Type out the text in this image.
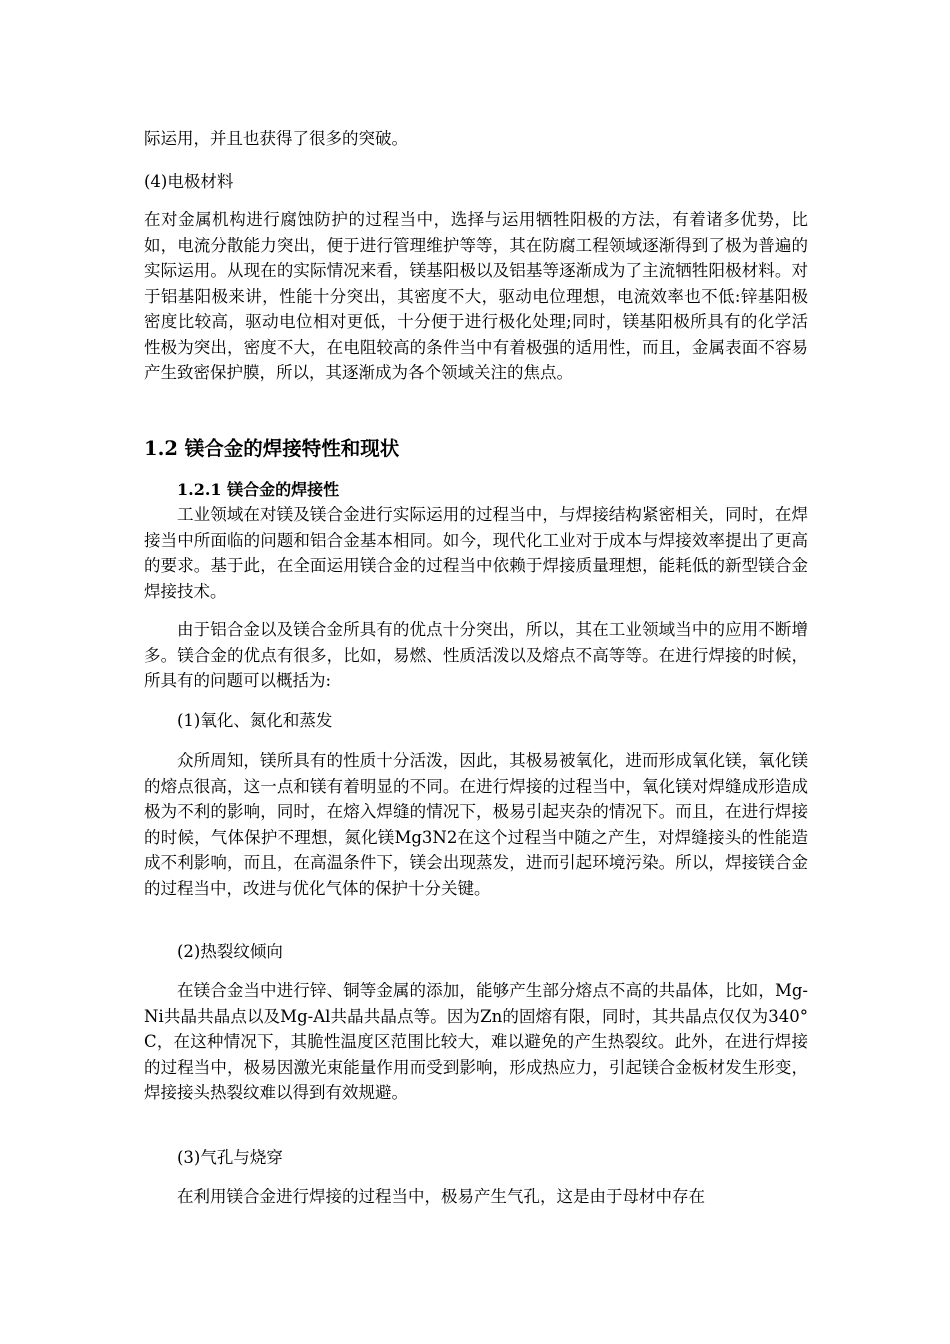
际运用，并且也获得了很多的突破。

(4)电极材料

在对金属机构进行腐蚀防护的过程当中，选择与运用牺牲阳极的方法，有着诸多优势，比如，电流分散能力突出，便于进行管理维护等等，其在防腐工程领域逐渐得到了极为普遍的实际运用。从现在的实际情况来看，镁基阳极以及铝基等逐渐成为了主流牺牲阳极材料。对于铝基阳极来讲，性能十分突出，其密度不大，驱动电位理想，电流效率也不低:锌基阳极密度比较高，驱动电位相对更低，十分便于进行极化处理;同时，镁基阳极所具有的化学活性极为突出，密度不大，在电阻较高的条件当中有着极强的适用性，而且，金属表面不容易产生致密保护膜，所以，其逐渐成为各个领域关注的焦点。

1.2 镁合金的焊接特性和现状
1.2.1 镁合金的焊接性

工业领域在对镁及镁合金进行实际运用的过程当中，与焊接结构紧密相关，同时，在焊接当中所面临的问题和铝合金基本相同。如今，现代化工业对于成本与焊接效率提出了更高的要求。基于此，在全面运用镁合金的过程当中依赖于焊接质量理想，能耗低的新型镁合金焊接技术。

由于铝合金以及镁合金所具有的优点十分突出，所以，其在工业领域当中的应用不断增多。镁合金的优点有很多，比如，易燃、性质活泼以及熔点不高等等。在进行焊接的时候，所具有的问题可以概括为:

(1)氧化、氮化和蒸发

众所周知，镁所具有的性质十分活泼，因此，其极易被氧化，进而形成氧化镁，氧化镁的熔点很高，这一点和镁有着明显的不同。在进行焊接的过程当中，氧化镁对焊缝成形造成极为不利的影响，同时，在熔入焊缝的情况下，极易引起夹杂的情况下。而且，在进行焊接的时候，气体保护不理想，氮化镁Mg3N2在这个过程当中随之产生，对焊缝接头的性能造成不利影响，而且，在高温条件下，镁会出现蒸发，进而引起环境污染。所以，焊接镁合金的过程当中，改进与优化气体的保护十分关键。

(2)热裂纹倾向

在镁合金当中进行锌、铜等金属的添加，能够产生部分熔点不高的共晶体，比如，Mg-Ni共晶共晶点以及Mg-Al共晶共晶点等。因为Zn的固熔有限，同时，其共晶点仅仅为340°C，在这种情况下，其脆性温度区范围比较大，难以避免的产生热裂纹。此外，在进行焊接的过程当中，极易因激光束能量作用而受到影响，形成热应力，引起镁合金板材发生形变，焊接接头热裂纹难以得到有效规避。

(3)气孔与烧穿

在利用镁合金进行焊接的过程当中，极易产生气孔，这是由于母材中存在
